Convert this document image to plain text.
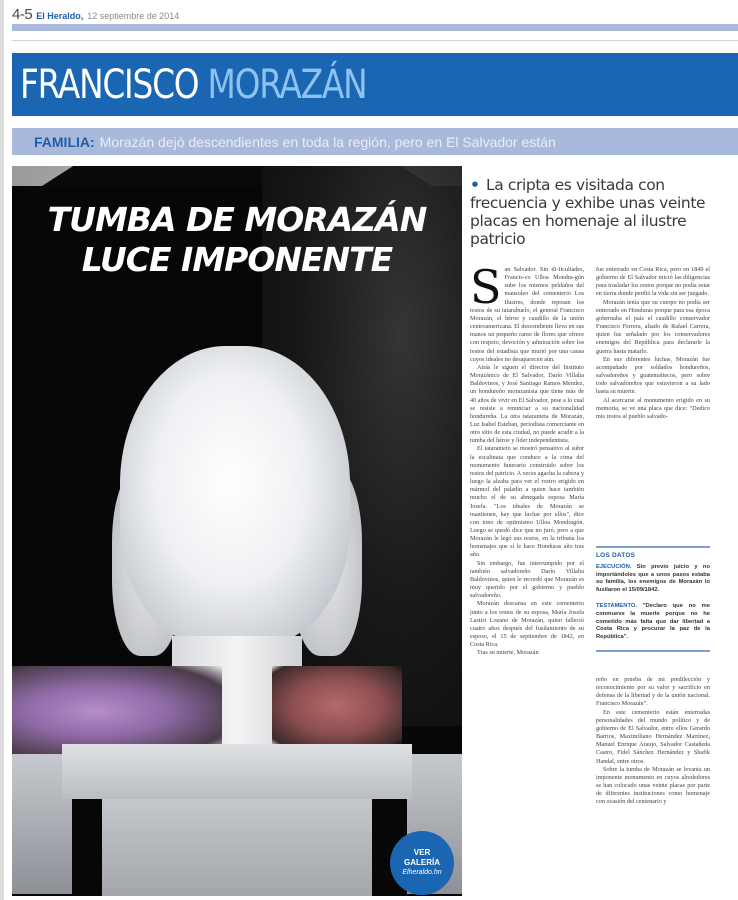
4-5 El Heraldo, 12 septiembre de 2014
FRANCISCO MORAZÁN
FAMILIA: Morazán dejó descendientes en toda la región, pero en El Salvador están
TUMBA DE MORAZÁN
LUCE IMPONENTE
VER
GALERÍA
Elheraldo.hn
• La cripta es visitada con frecuencia y exhibe unas veinte placas en homenaje al ilustre patricio

San Salvador. Sin di-ficultades, Francis-co Ulloa Mondra-gón sube los mismos peldaños del mausoleo del cementerio Los Ilustres, donde reposan los restos de su tatarabuelo, el general Francisco Morazán, el héroe y caudillo de la unión centroamericana. El descendiente lleva en sus manos un pequeño ramo de flores que ofrece con respeto, devoción y admiración sobre los restos del estadista que murió por una causa cuyos ideales no desaparecen aún.

Atrás le siguen el director del Instituto Morazánico de El Salvador, Darío Villalta Baldovinos, y José Santiago Ramos Méndez, un hondureño morazanista que tiene más de 40 años de vivir en El Salvador, pese a lo cual se resiste a renunciar a su nacionalidad hondureña. La otra tataranieta de Morazán, Luz Isabel Esteban, periodista comerciante en otro sitio de esta ciudad, no puede acudir a la tumba del héroe y líder independentista.

El tataranieto se mostró pensativo al subir la escalinata que conduce a la cima del monumento funerario construido sobre los restos del patricio. A veces agacha la cabeza y luego la alzaba para ver el rostro erigido en mármol del paladín a quien hace también mucho el de su abnegada esposa María Josefa. "Los ideales de Morazán se mantienen, hay que luchar por ellos", dice con tono de optimismo Ulloa Mondragón. Luego se quedó dice que no juró, pero a que Morazán le legó sus restos, en la tribuna los homenajes que sí le hace Honduras año tras año.

Sin embargo, fue interrumpido por el también salvadoreño Darío Villalta Baldovinos, quien le recordó que Morazán es muy querido por el gobierno y pueblo salvadoreño.

Morazán descansa en este cementerio junto a los restos de su esposa, María Josefa Lastiri Lozano de Morazán, quien falleció cuatro años después del fusilamiento de su esposo, el 15 de septiembre de 1842, en Costa Rica.

Tras su muerte, Morazán

fue enterrado en Costa Rica, pero en 1849 el gobierno de El Salvador inició las diligencias para trasladar los restos porque no podía estar en tierra donde perdió la vida sin ser juzgado.

Morazán tenía que su cuerpo no podía ser enterrado en Honduras porque para esa época gobernaba el país el caudillo conservador Francisco Ferrera, aliado de Rafael Carrera, quien fue señalado por los conservadores enemigos del República para declararle la guerra hasta matarlo.

En sus diferentes luchas, Morazán fue acompañado por soldados hondureños, salvadoreños y guatemaltecos, pero sobre todo salvadoreños que estuvieron a su lado hasta su muerte.

Al acercarse al monumento erigido en su memoria, se ve una placa que dice: "Dedico mis restos al pueblo salvado-

LOS DATOS
EJECUCIÓN. Sin previo juicio y no importándoles que a unos pasos estaba su familia, los enemigos de Morazán lo fusilaron el 15/09/1842.
TESTAMENTO. "Declaro que no me conmueve la muerte porque no he cometido más falta que dar libertad a Costa Rica y procurar la paz de la República".

reño en prueba de mi predilección y reconocimiento por su valor y sacrificio en defensa de la libertad y de la unión nacional. Francisco Morazán".

En este cementerio están enterradas personalidades del mundo político y de gobierno de El Salvador, entre ellos Gerardo Barrios, Maximiliano Hernández Martínez, Manuel Enrique Araujo, Salvador Castañeda Castro, Fidel Sánchez Hernández y Shafik Handal, entre otros.

Sobre la tumba de Morazán se levanta un imponente monumento en cuyos alrededores se han colocado unas veinte placas por parte de diferentes instituciones como homenaje con ocasión del centenario y
